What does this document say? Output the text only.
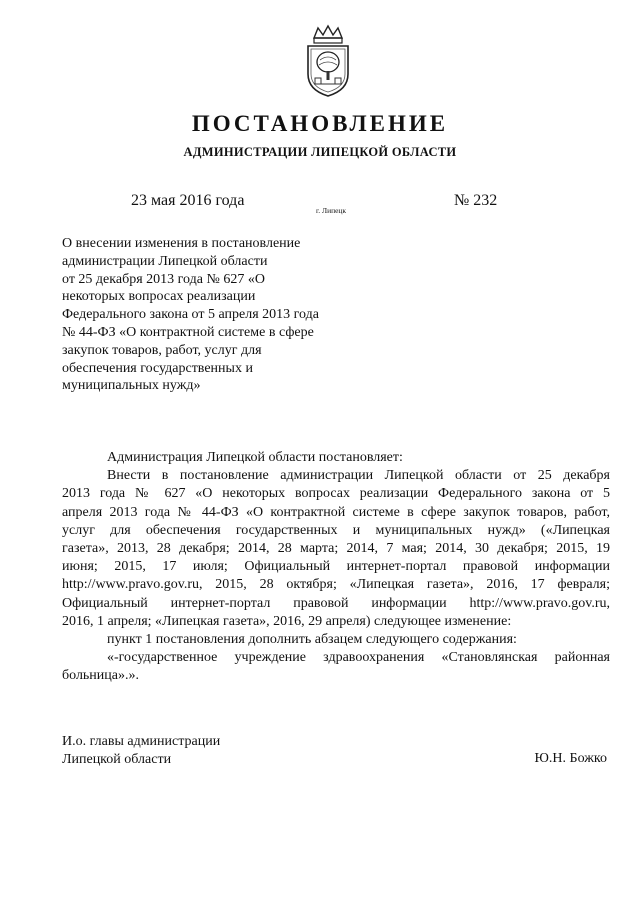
ПОСТАНОВЛЕНИЕ
АДМИНИСТРАЦИИ ЛИПЕЦКОЙ ОБЛАСТИ
23 мая 2016 года
г. Липецк
№ 232
О внесении изменения в постановление
администрации Липецкой области
от 25 декабря 2013 года № 627 «О
некоторых вопросах реализации
Федерального закона от 5 апреля 2013 года
№ 44-ФЗ «О контрактной системе в сфере
закупок товаров, работ, услуг для
обеспечения государственных и
муниципальных нужд»
Администрация Липецкой области постановляет:
Внести в постановление администрации Липецкой области от 25 декабря
2013 года № 627 «О некоторых вопросах реализации Федерального закона от 5
апреля 2013 года № 44-ФЗ «О контрактной системе в сфере закупок товаров, работ,
услуг для обеспечения государственных и муниципальных нужд» («Липецкая
газета», 2013, 28 декабря; 2014, 28 марта; 2014, 7 мая; 2014, 30 декабря; 2015, 19
июня; 2015, 17 июля; Официальный интернет-портал правовой информации
http://www.pravo.gov.ru, 2015, 28 октября; «Липецкая газета», 2016, 17 февраля;
Официальный интернет-портал правовой информации http://www.pravo.gov.ru,
2016, 1 апреля; «Липецкая газета», 2016, 29 апреля) следующее изменение:
пункт 1 постановления дополнить абзацем следующего содержания:
«-государственное учреждение здравоохранения «Становлянская районная
больница».».
И.о. главы администрации
Липецкой области	Ю.Н. Божко
